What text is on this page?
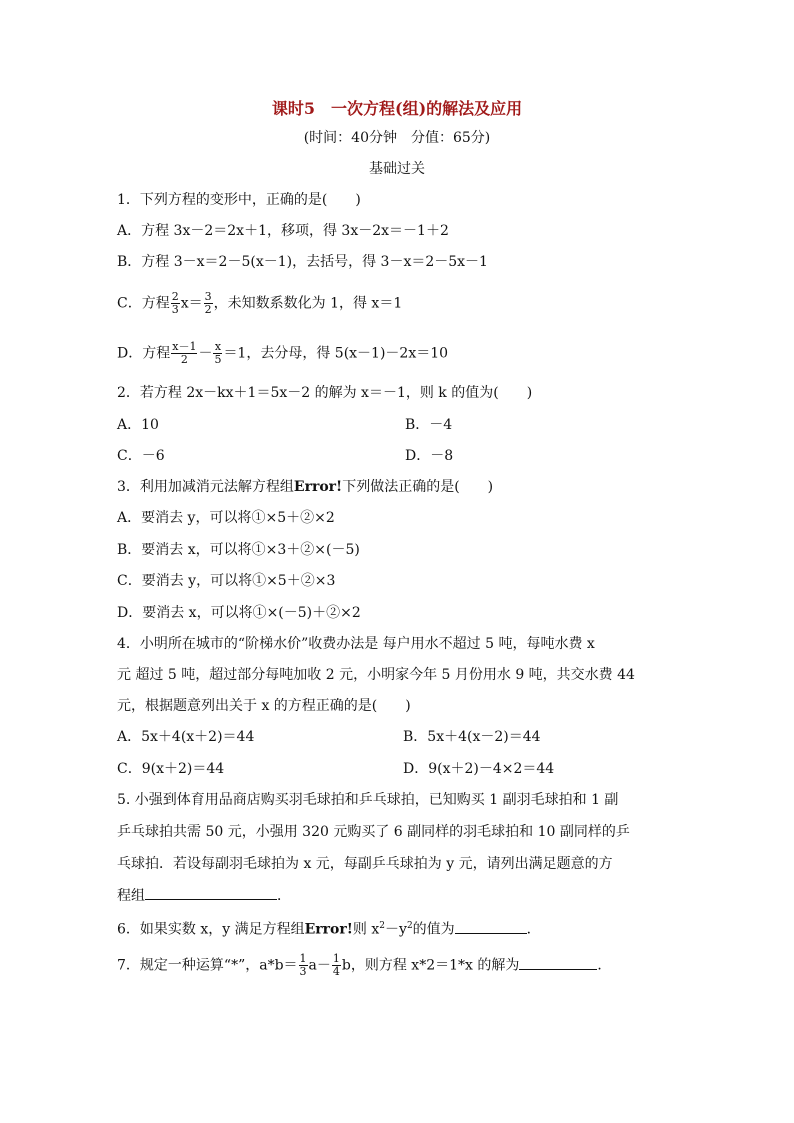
课时5　一次方程(组)的解法及应用
(时间：40分钟　分值：65分)
基础过关
1．下列方程的变形中，正确的是(　　)
A．方程 3x－2＝2x＋1，移项，得 3x－2x＝－1＋2
B．方程 3－x＝2－5(x－1)，去括号，得 3－x＝2－5x－1
C．方程 $\frac{2}{3} x= \frac{3}{2}$ ，未知数系数化为 1，得 x＝1
D．方程 $\frac{x-1}{2} - \frac{x}{5} =1$，去分母，得 5(x－1)－2x＝10
2．若方程 2x－kx＋1＝5x－2 的解为 x＝－1，则 k 的值为(　　)
A．10	B．－4
C．－6	D．－8
3．利用加减消元法解方程组Error!下列做法正确的是(　　)
A．要消去 y，可以将①×5＋②×2
B．要消去 x，可以将①×3＋②×(－5)
C．要消去 y，可以将①×5＋②×3
D．要消去 x，可以将①×(－5)＋②×2
4．小明所在城市的“阶梯水价”收费办法是 每户用水不超过 5 吨，每吨水费 x
元 超过 5 吨，超过部分每吨加收 2 元，小明家今年 5 月份用水 9 吨，共交水费 44
元，根据题意列出关于 x 的方程正确的是(　　)
A．5x＋4(x＋2)＝44	B．5x＋4(x－2)＝44
C．9(x＋2)＝44	D．9(x＋2)－4×2＝44
5. 小强到体育用品商店购买羽毛球拍和乒乓球拍，已知购买 1 副羽毛球拍和 1 副
乒乓球拍共需 50 元，小强用 320 元购买了 6 副同样的羽毛球拍和 10 副同样的乒
乓球拍．若设每副羽毛球拍为 x 元，每副乒乓球拍为 y 元，请列出满足题意的方
程组	．
6．如果实数 x，y 满足方程组Error!则 $x^2-y^2$的值为	．
7．规定一种运算“*”，$a*b= \frac{1}{3} a- \frac{1}{4}$ b，则方程 x*2＝1*x 的解为	．
